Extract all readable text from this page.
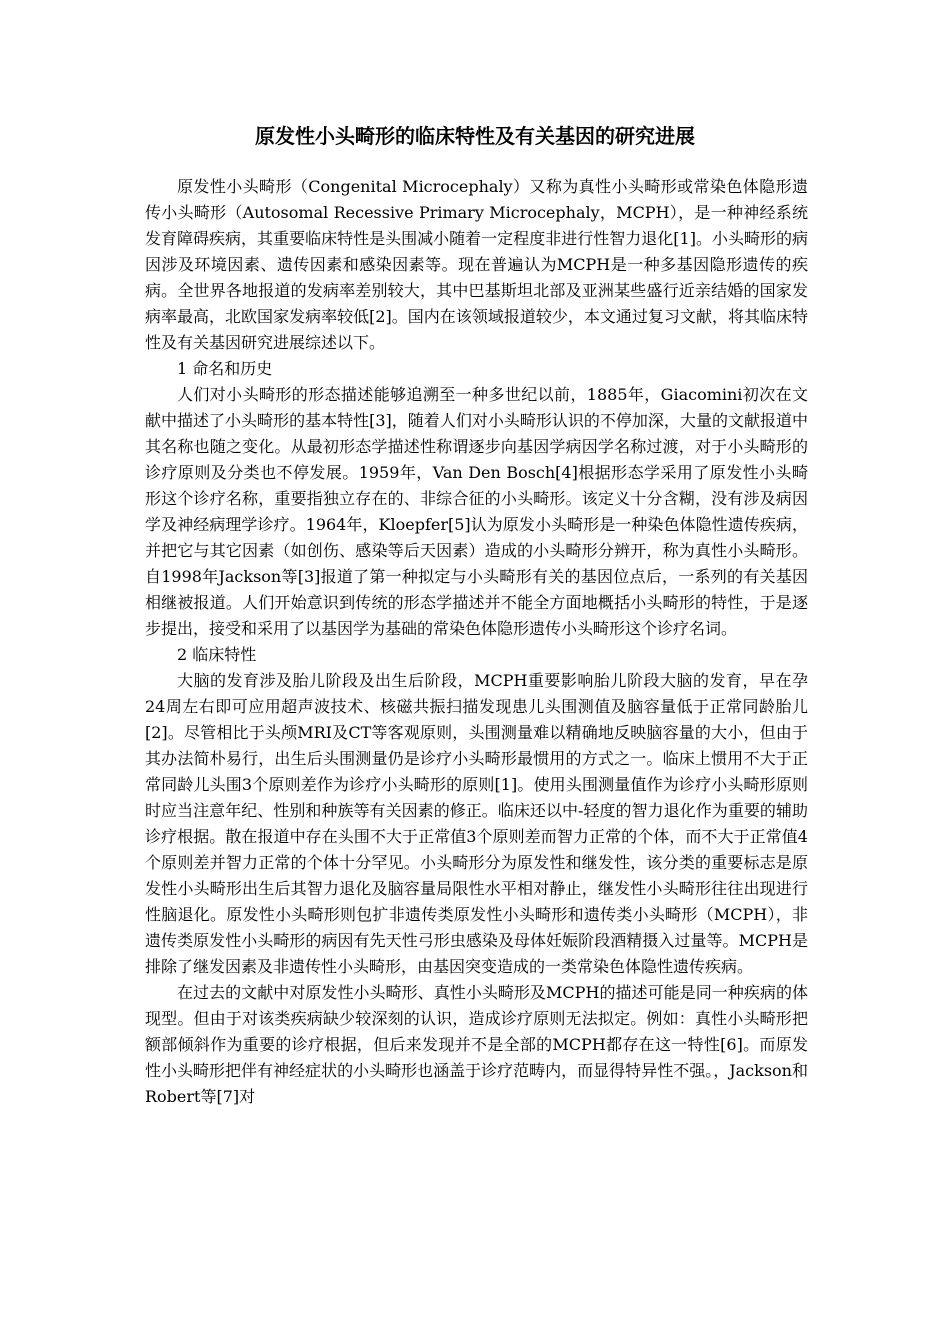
原发性小头畸形的临床特性及有关基因的研究进展

原发性小头畸形（Congenital Microcephaly）又称为真性小头畸形或常染色体隐形遗传小头畸形（Autosomal Recessive Primary Microcephaly，MCPH），是一种神经系统发育障碍疾病，其重要临床特性是头围减小随着一定程度非进行性智力退化[1]。小头畸形的病因涉及环境因素、遗传因素和感染因素等。现在普遍认为MCPH是一种多基因隐形遗传的疾病。全世界各地报道的发病率差别较大，其中巴基斯坦北部及亚洲某些盛行近亲结婚的国家发病率最高，北欧国家发病率较低[2]。国内在该领域报道较少，本文通过复习文献，将其临床特性及有关基因研究进展综述以下。

1 命名和历史

人们对小头畸形的形态描述能够追溯至一种多世纪以前，1885年，Giacomini初次在文献中描述了小头畸形的基本特性[3]，随着人们对小头畸形认识的不停加深，大量的文献报道中其名称也随之变化。从最初形态学描述性称谓逐步向基因学病因学名称过渡，对于小头畸形的诊疗原则及分类也不停发展。1959年，Van Den Bosch[4]根据形态学采用了原发性小头畸形这个诊疗名称，重要指独立存在的、非综合征的小头畸形。该定义十分含糊，没有涉及病因学及神经病理学诊疗。1964年，Kloepfer[5]认为原发小头畸形是一种染色体隐性遗传疾病，并把它与其它因素（如创伤、感染等后天因素）造成的小头畸形分辨开，称为真性小头畸形。自1998年Jackson等[3]报道了第一种拟定与小头畸形有关的基因位点后，一系列的有关基因相继被报道。人们开始意识到传统的形态学描述并不能全方面地概括小头畸形的特性，于是逐步提出，接受和采用了以基因学为基础的常染色体隐形遗传小头畸形这个诊疗名词。

2 临床特性

大脑的发育涉及胎儿阶段及出生后阶段，MCPH重要影响胎儿阶段大脑的发育，早在孕24周左右即可应用超声波技术、核磁共振扫描发现患儿头围测值及脑容量低于正常同龄胎儿[2]。尽管相比于头颅MRI及CT等客观原则，头围测量难以精确地反映脑容量的大小，但由于其办法简朴易行，出生后头围测量仍是诊疗小头畸形最惯用的方式之一。临床上惯用不大于正常同龄儿头围3个原则差作为诊疗小头畸形的原则[1]。使用头围测量值作为诊疗小头畸形原则时应当注意年纪、性别和种族等有关因素的修正。临床还以中-轻度的智力退化作为重要的辅助诊疗根据。散在报道中存在头围不大于正常值3个原则差而智力正常的个体，而不大于正常值4个原则差并智力正常的个体十分罕见。小头畸形分为原发性和继发性，该分类的重要标志是原发性小头畸形出生后其智力退化及脑容量局限性水平相对静止，继发性小头畸形往往出现进行性脑退化。原发性小头畸形则包扩非遗传类原发性小头畸形和遗传类小头畸形（MCPH），非遗传类原发性小头畸形的病因有先天性弓形虫感染及母体妊娠阶段酒精摄入过量等。MCPH是排除了继发因素及非遗传性小头畸形，由基因突变造成的一类常染色体隐性遗传疾病。

在过去的文献中对原发性小头畸形、真性小头畸形及MCPH的描述可能是同一种疾病的体现型。但由于对该类疾病缺少较深刻的认识，造成诊疗原则无法拟定。例如：真性小头畸形把额部倾斜作为重要的诊疗根据，但后来发现并不是全部的MCPH都存在这一特性[6]。而原发性小头畸形把伴有神经症状的小头畸形也涵盖于诊疗范畴内，而显得特异性不强。，Jackson和Robert等[7]对
